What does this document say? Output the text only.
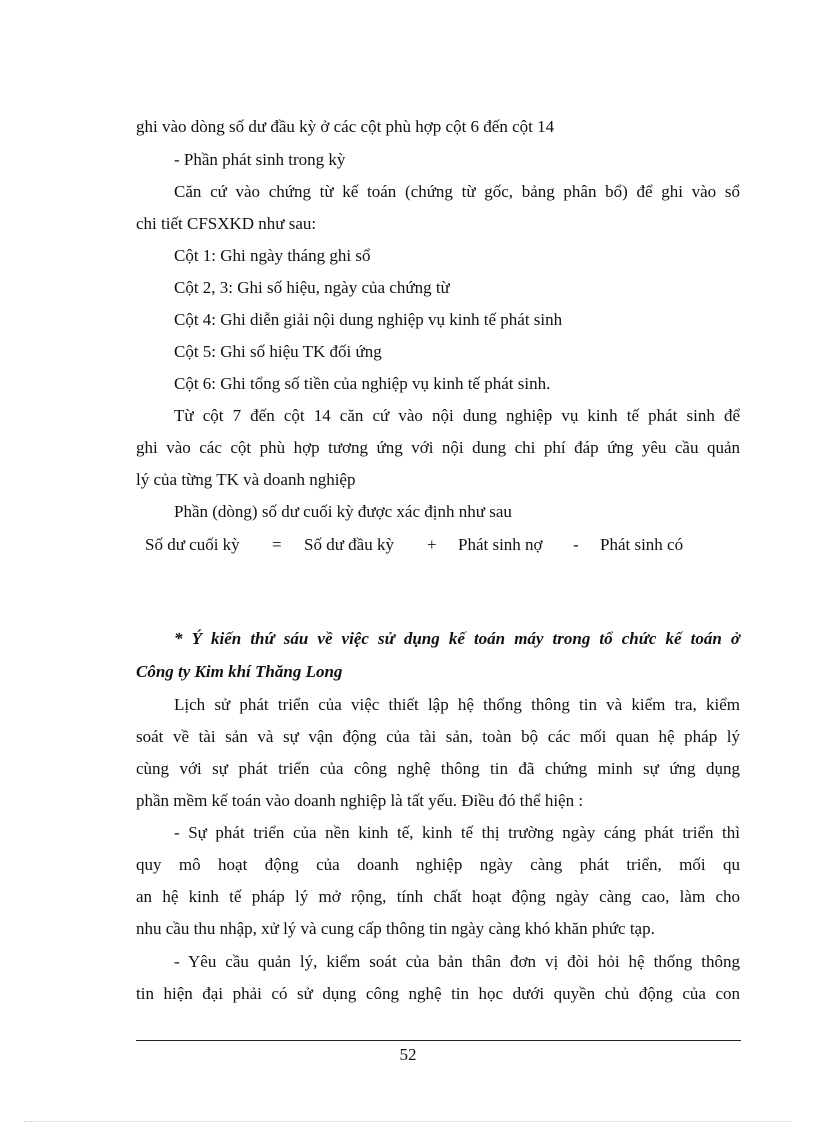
ghi vào dòng số dư đầu kỳ ở các cột phù hợp cột 6 đến cột 14
- Phần phát sinh trong kỳ
Căn cứ vào chứng từ kế toán (chứng từ gốc, bảng phân bổ) để ghi vào sổ
chi tiết CFSXKD như sau:
Cột 1: Ghi ngày tháng ghi sổ
Cột 2, 3: Ghi số hiệu, ngày của chứng từ
Cột 4: Ghi diễn giải nội dung nghiệp vụ kinh tế phát sinh
Cột 5: Ghi số hiệu TK đối ứng
Cột 6: Ghi tổng số tiền của nghiệp vụ kinh tế phát sinh.
Từ cột 7 đến cột 14 căn cứ vào nội dung nghiệp vụ kinh tế phát sinh để
ghi vào các cột phù hợp tương ứng với nội dung chi phí đáp ứng yêu cầu quản
lý của từng TK và doanh nghiệp
Phần (dòng) số dư cuối kỳ được xác định như sau
Số dư cuối kỳ = Số dư đầu kỳ + Phát sinh nợ - Phát sinh có
* Ý kiến thứ sáu về việc sử dụng kế toán máy trong tổ chức kế toán ở
Công ty Kim khí Thăng Long
Lịch sử phát triển của việc thiết lập hệ thống thông tin và kiểm tra, kiểm
soát về tài sản và sự vận động của tài sản, toàn bộ các mối quan hệ pháp lý
cùng với sự phát triển của công nghệ thông tin đã chứng minh sự ứng dụng
phần mềm kế toán vào doanh nghiệp là tất yếu. Điều đó thể hiện :
- Sự phát triển của nền kinh tế, kinh tế thị trường ngày cáng phát triển thì
quy mô hoạt động của doanh nghiệp ngày càng phát triển, mối qu
an hệ kinh tế pháp lý mở rộng, tính chất hoạt động ngày càng cao, làm cho
nhu cầu thu nhập, xử lý và cung cấp thông tin ngày càng khó khăn phức tạp.
- Yêu cầu quản lý, kiểm soát của bản thân đơn vị đòi hỏi hệ thống thông
tin hiện đại phải có sử dụng công nghệ tin học dưới quyền chủ động của con
52
